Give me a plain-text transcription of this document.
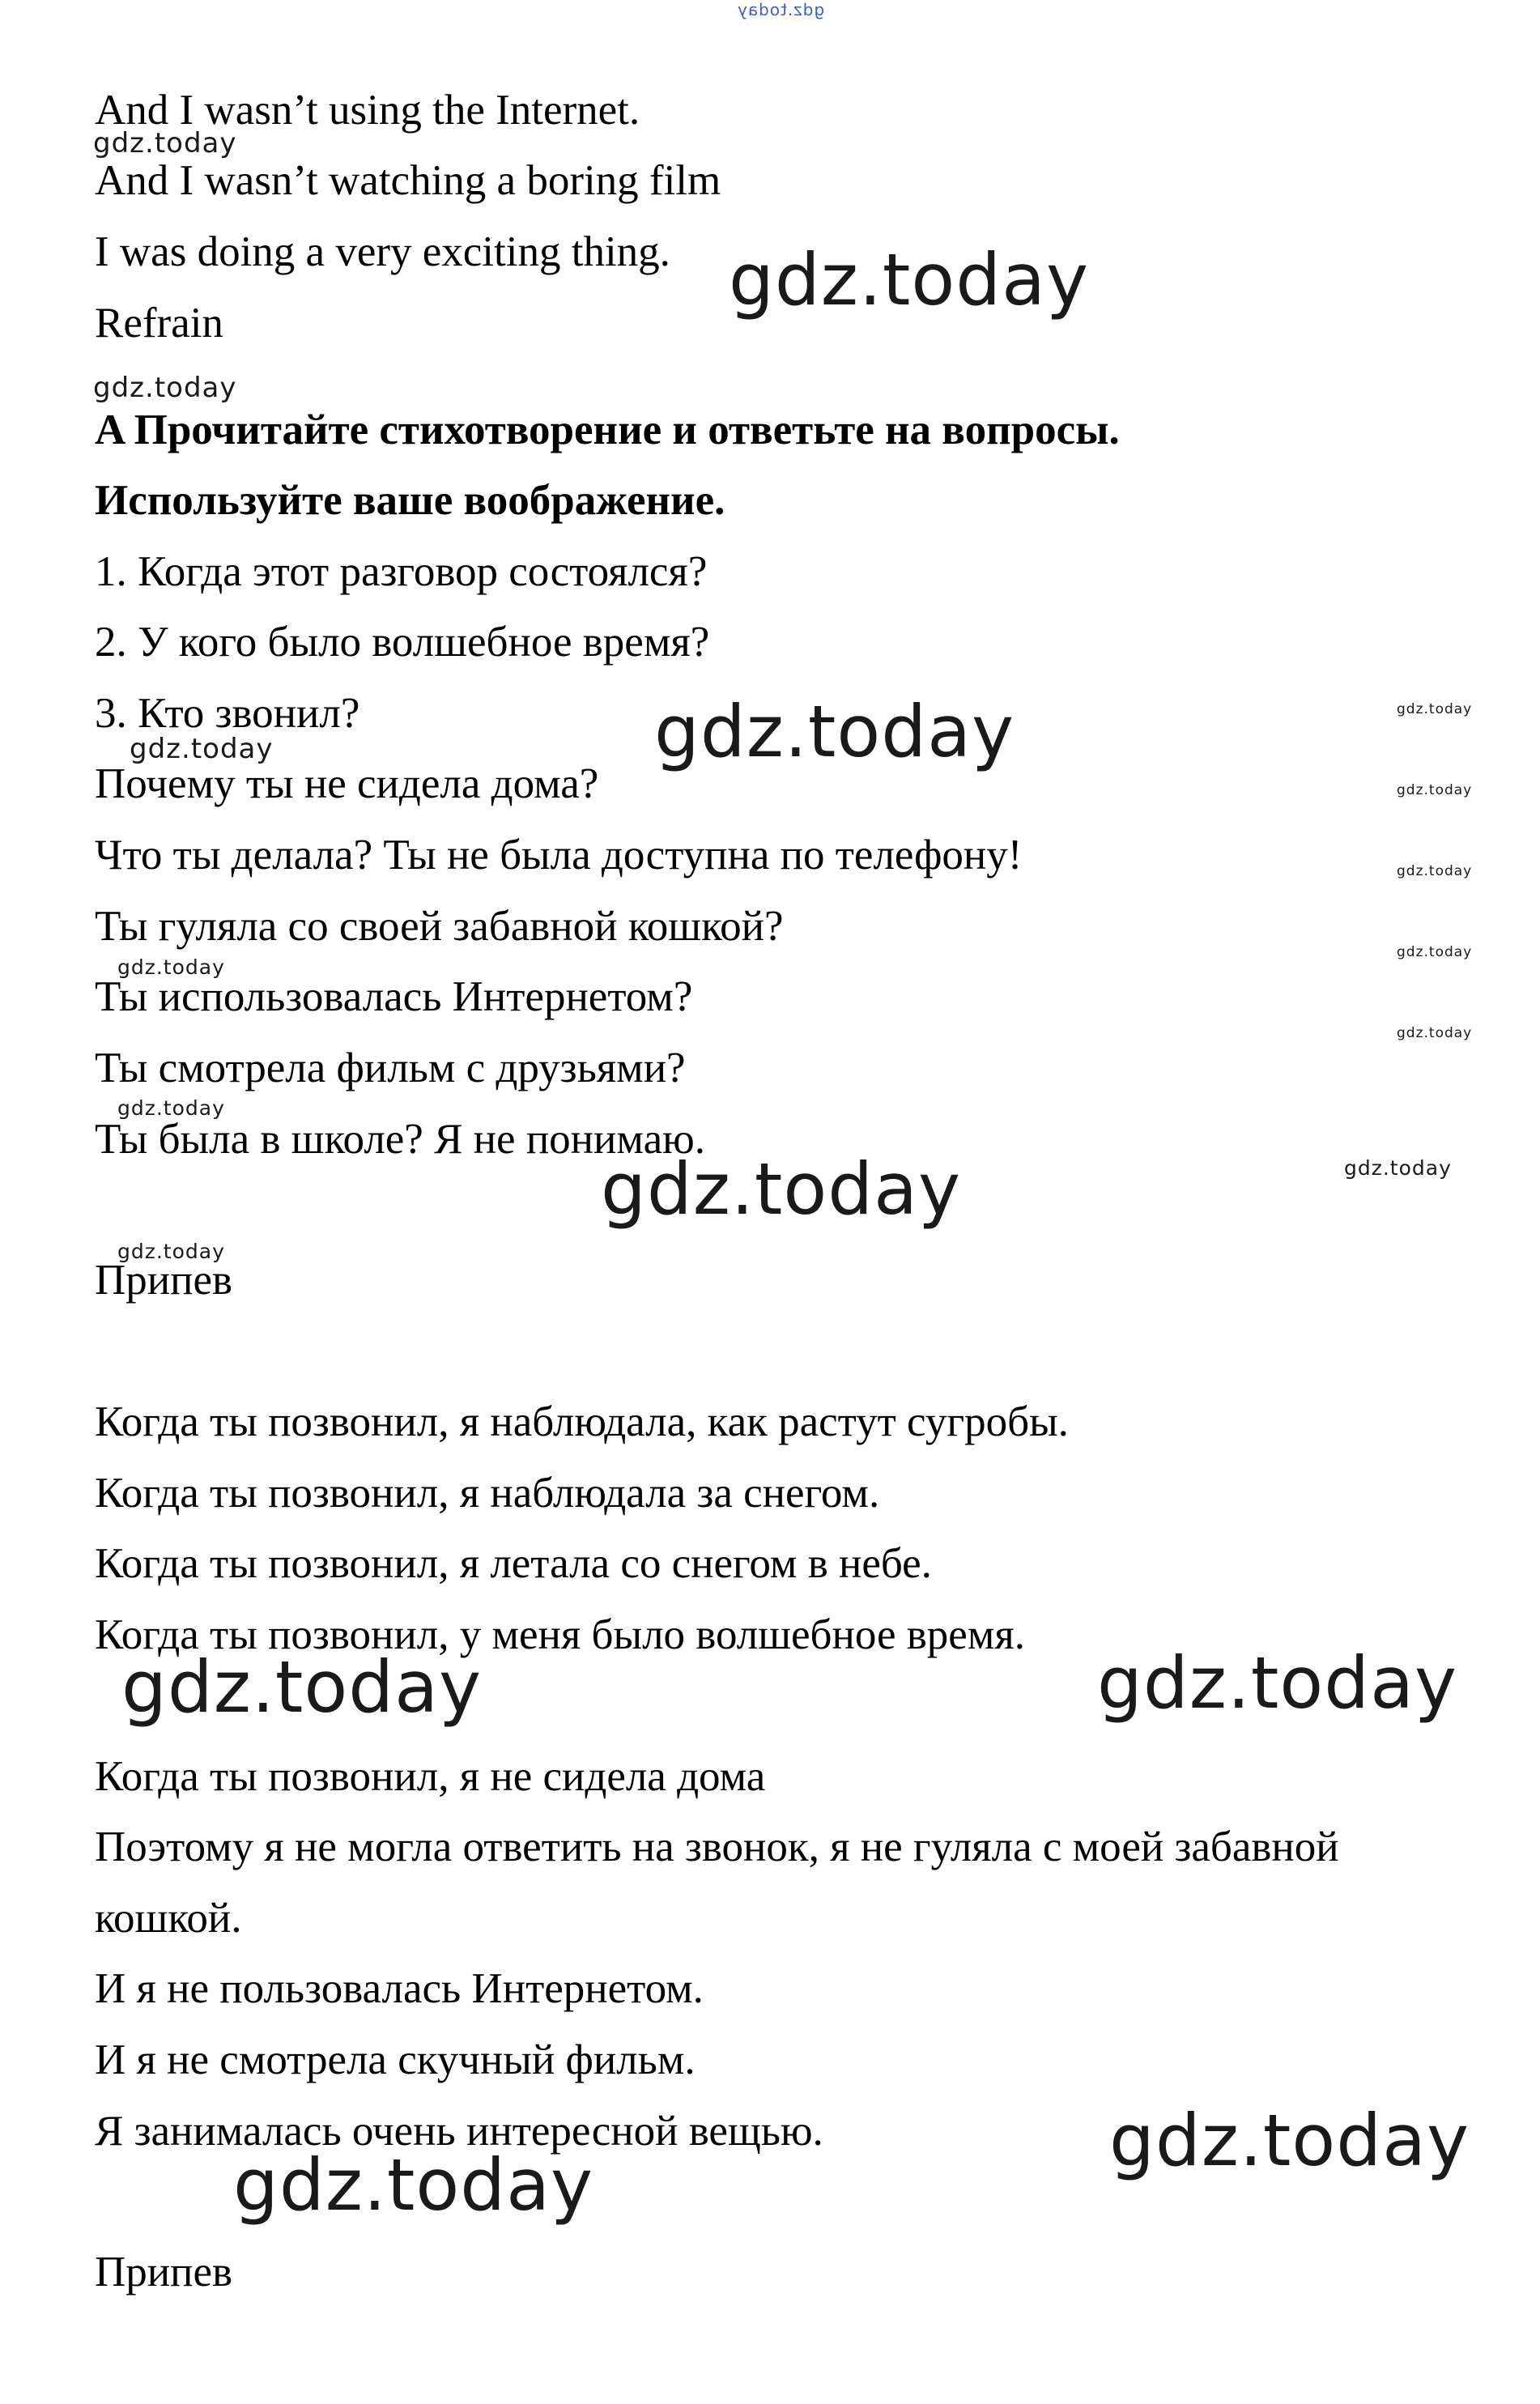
gdz.today

And I wasn’t using the Internet.

And I wasn’t watching a boring film

I was doing a very exciting thing.

Refrain

A Прочитайте стихотворение и ответьте на вопросы.

Используйте ваше воображение.

1. Когда этот разговор состоялся?

2. У кого было волшебное время?

3. Кто звонил?

Почему ты не сидела дома?

Что ты делала? Ты не была доступна по телефону!

Ты гуляла со своей забавной кошкой?

Ты использовалась Интернетом?

Ты смотрела фильм с друзьями?

Ты была в школе? Я не понимаю.

Припев

Когда ты позвонил, я наблюдала, как растут сугробы.

Когда ты позвонил, я наблюдала за снегом.

Когда ты позвонил, я летала со снегом в небе.

Когда ты позвонил, у меня было волшебное время.

Когда ты позвонил, я не сидела дома

Поэтому я не могла ответить на звонок, я не гуляла с моей забавной

кошкой.

И я не пользовалась Интернетом.

И я не смотрела скучный фильм.

Я занималась очень интересной вещью.

Припев

gdz.today
gdz.today
gdz.today
gdz.today
gdz.today
gdz.today
gdz.today
gdz.today
gdz.today
gdz.today
gdz.today
gdz.today
gdz.today
gdz.today
gdz.today
gdz.today	gdz.today
gdz.today
gdz.today
